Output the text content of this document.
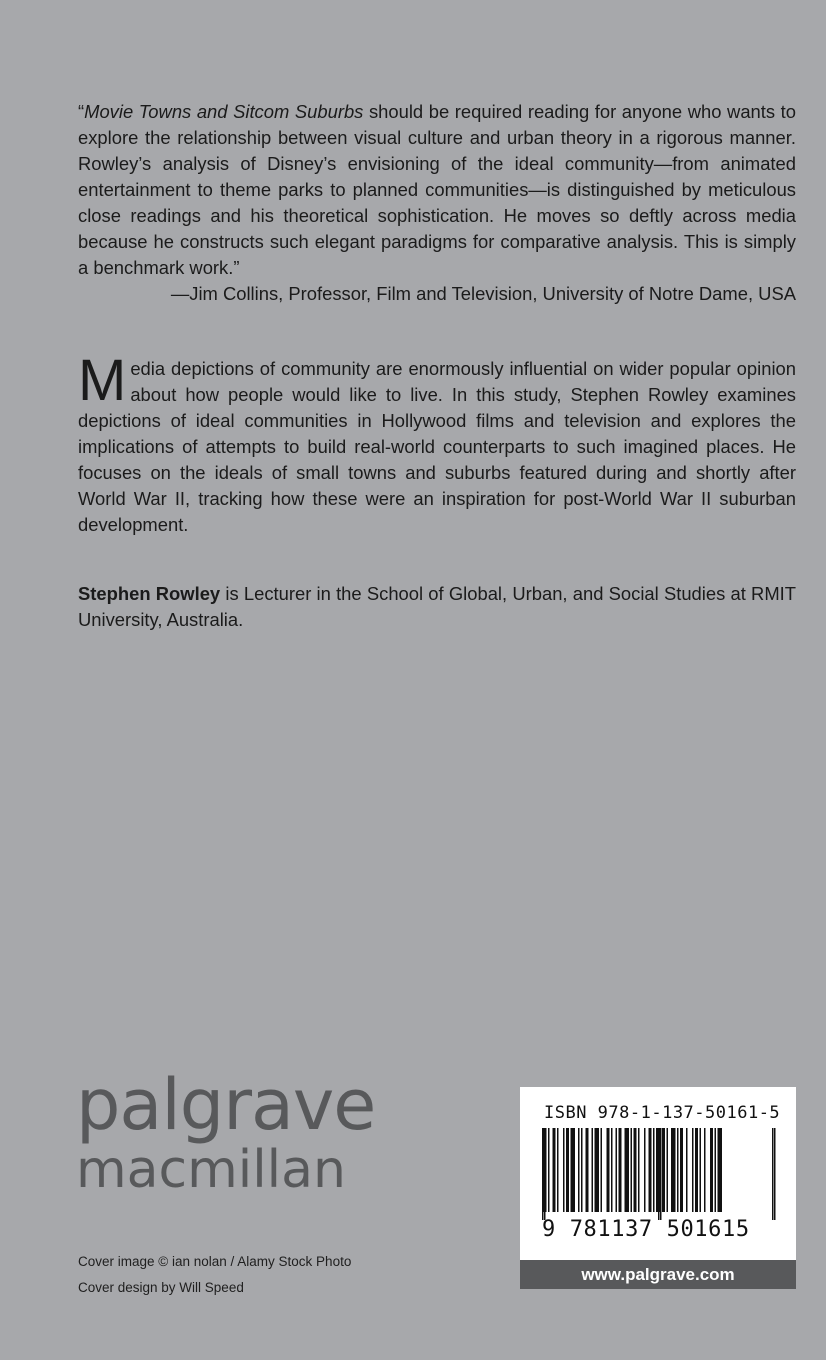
“Movie Towns and Sitcom Suburbs should be required reading for anyone who wants to explore the relationship between visual culture and urban theory in a rigorous manner. Rowley’s analysis of Disney’s envisioning of the ideal community—from animated entertainment to theme parks to planned communities—is distinguished by meticulous close readings and his theoretical sophistication. He moves so deftly across media because he constructs such elegant paradigms for comparative analysis. This is simply a benchmark work.”

—Jim Collins, Professor, Film and Television, University of Notre Dame, USA

Media depictions of community are enormously influential on wider popular opinion about how people would like to live. In this study, Stephen Rowley examines depictions of ideal communities in Hollywood films and television and explores the implications of attempts to build real-world counterparts to such imagined places. He focuses on the ideals of small towns and suburbs featured during and shortly after World War II, tracking how these were an inspiration for post-World War II suburban development.

Stephen Rowley is Lecturer in the School of Global, Urban, and Social Studies at RMIT University, Australia.

palgrave
macmillan
Cover image © ian nolan / Alamy Stock Photo
Cover design by Will Speed
ISBN 978-1-137-50161-5
9 781137 501615
www.palgrave.com
